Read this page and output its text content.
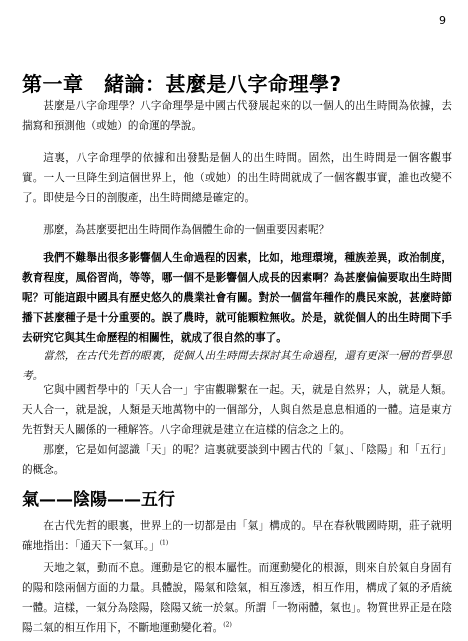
9
第一章　緒論：甚麼是八字命理學?

甚麼是八字命理學？八字命理學是中國古代發展起來的以一個人的出生時間為依據，去揣寫和預測他（或她）的命運的學說。

這裏，八字命理學的依據和出發點是個人的出生時間。固然，出生時間是一個客觀事實。一人一旦降生到這個世界上，他（或她）的出生時間就成了一個客觀事實，誰也改變不了。即使是今日的剖腹產，出生時間總是確定的。

那麼，為甚麼要把出生時間作為個體生命的一個重要因素呢？

我們不難舉出很多影響個人生命過程的因素，比如，地理環境，種族差異，政治制度，教育程度，風俗習尚，等等，哪一個不是影響個人成長的因素啊？為甚麼偏偏要取出生時間呢？可能這跟中國具有歷史悠久的農業社會有關。對於一個當年種作的農民來說，甚麼時節播下甚麼種子是十分重要的。誤了農時，就可能顆粒無收。於是，就從個人的出生時間下手去研究它與其生命歷程的相關性，就成了很自然的事了。

當然，在古代先哲的眼裏，從個人出生時間去探討其生命過程，還有更深一層的哲學思考。

它與中國哲學中的「天人合一」宇宙觀聯繫在一起。天，就是自然界；人，就是人類。天人合一，就是說，人類是天地萬物中的一個部分，人與自然是息息相通的一體。這是東方先哲對天人關係的一種解答。八字命理就是建立在這樣的信念之上的。

那麼，它是如何認識「天」的呢？這裏就要談到中國古代的「氣」、「陰陽」和「五行」的概念。

氣——陰陽——五行

在古代先哲的眼裏，世界上的一切都是由「氣」構成的。早在春秋戰國時期，莊子就明確地指出：「通天下一氣耳。」$^{(1)}$

天地之氣，動而不息。運動是它的根本屬性。而運動變化的根源，則來自於氣自身固有的陽和陰兩個方面的力量。具體說，陽氣和陰氣，相互滲透，相互作用，構成了氣的矛盾統一體。這樣，一氣分為陰陽，陰陽又統一於氣。所謂「一物兩體，氣也」。物質世界正是在陰陽二氣的相互作用下，不斷地運動變化着。$^{(2)}$
